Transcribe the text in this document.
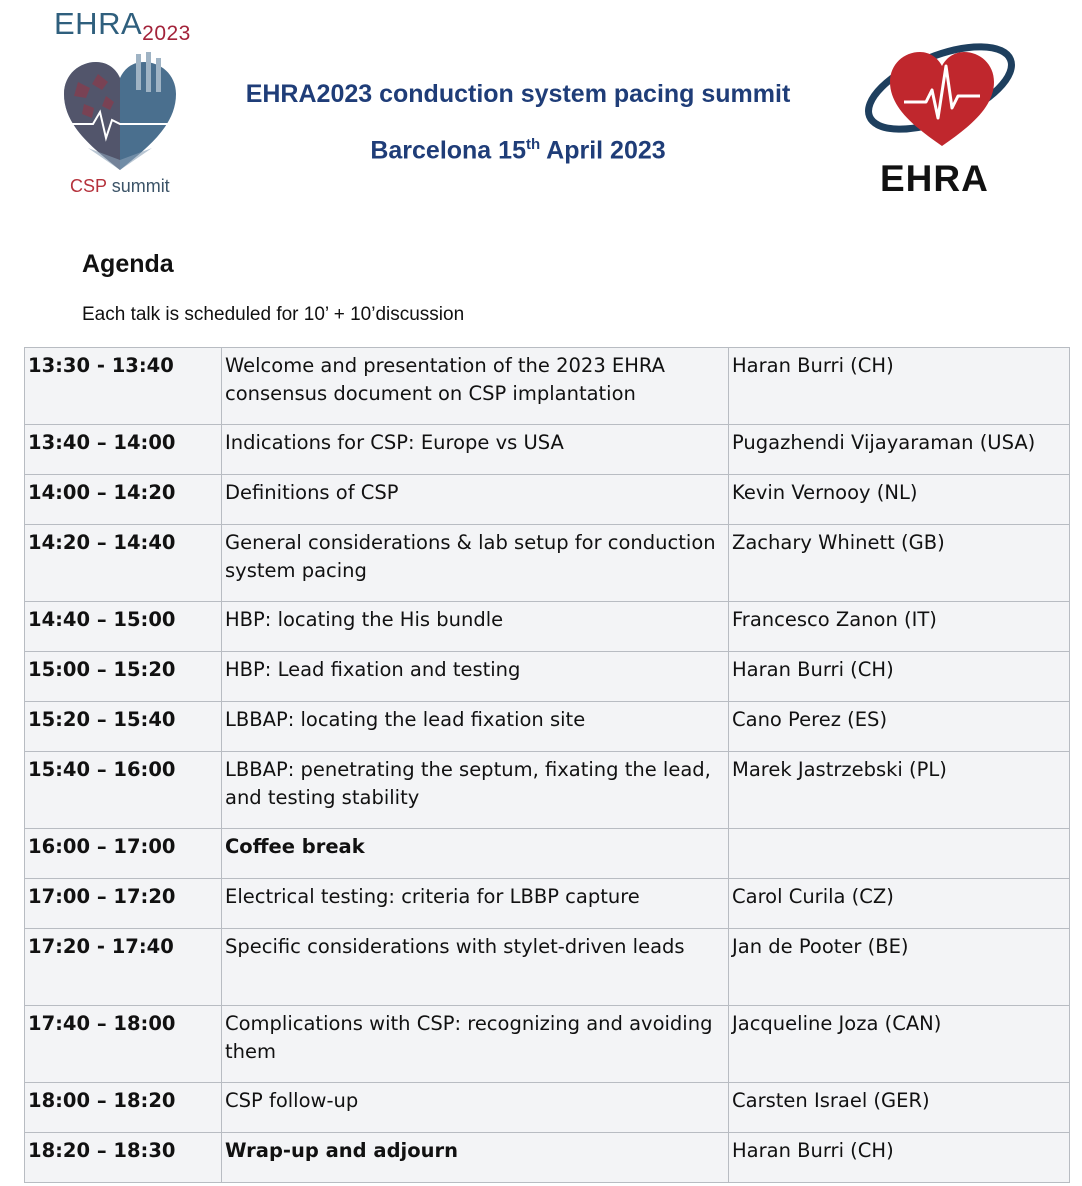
EHRA2023
CSP summit
EHRA2023 conduction system pacing summit
Barcelona 15th April 2023
EHRA
Agenda
Each talk is scheduled for 10’ + 10’discussion
13:30 - 13:40	Welcome and presentation of the 2023 EHRA consensus document on CSP implantation	Haran Burri (CH)
13:40 – 14:00	Indications for CSP: Europe vs USA	Pugazhendi Vijayaraman (USA)
14:00 – 14:20	Definitions of CSP	Kevin Vernooy (NL)
14:20 – 14:40	General considerations & lab setup for conduction system pacing	Zachary Whinett (GB)
14:40 – 15:00	HBP: locating the His bundle	Francesco Zanon (IT)
15:00 – 15:20	HBP: Lead fixation and testing	Haran Burri (CH)
15:20 – 15:40	LBBAP: locating the lead fixation site	Cano Perez (ES)
15:40 – 16:00	LBBAP: penetrating the septum, fixating the lead, and testing stability	Marek Jastrzebski (PL)
16:00 – 17:00	Coffee break	
17:00 – 17:20	Electrical testing: criteria for LBBP capture	Carol Curila (CZ)
17:20 - 17:40	Specific considerations with stylet-driven leads	Jan de Pooter (BE)
17:40 – 18:00	Complications with CSP: recognizing and avoiding them	Jacqueline Joza (CAN)
18:00 – 18:20	CSP follow-up	Carsten Israel (GER)
18:20 – 18:30	Wrap-up and adjourn	Haran Burri (CH)
